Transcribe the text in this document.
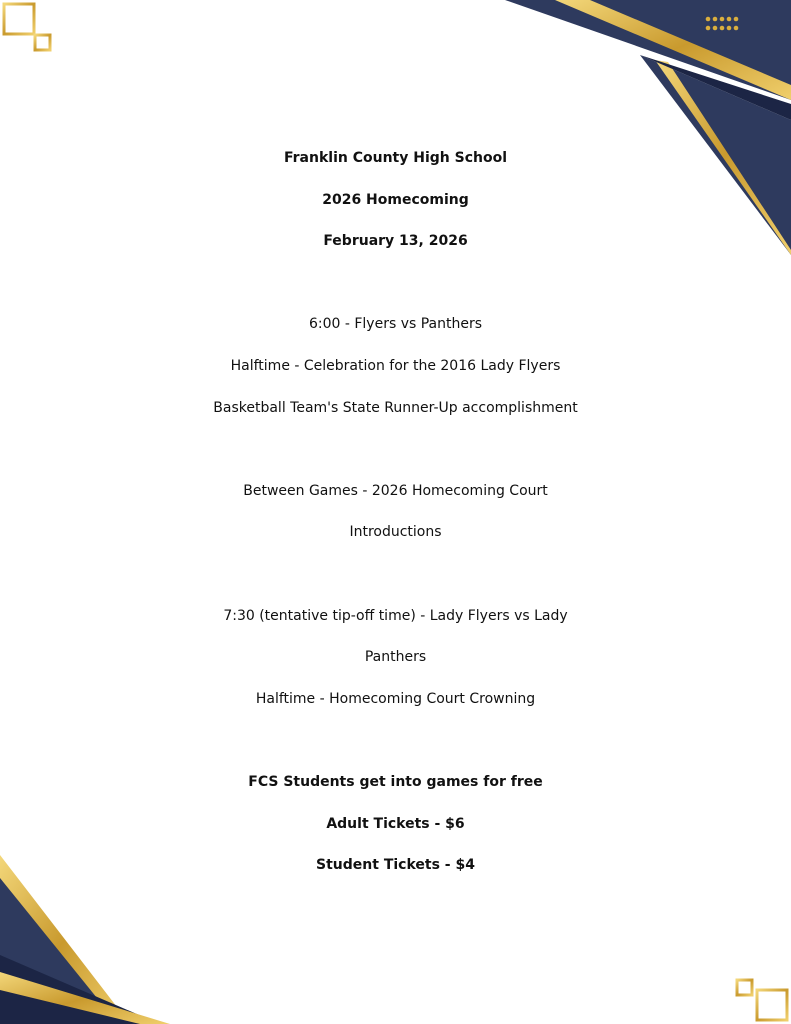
Franklin County High School
2026 Homecoming
February 13, 2026
6:00 - Flyers vs Panthers
Halftime - Celebration for the 2016 Lady Flyers
Basketball Team's State Runner-Up accomplishment
Between Games - 2026 Homecoming Court
Introductions
7:30 (tentative tip-off time) - Lady Flyers vs Lady
Panthers
Halftime - Homecoming Court Crowning
FCS Students get into games for free
Adult Tickets - $6
Student Tickets - $4
